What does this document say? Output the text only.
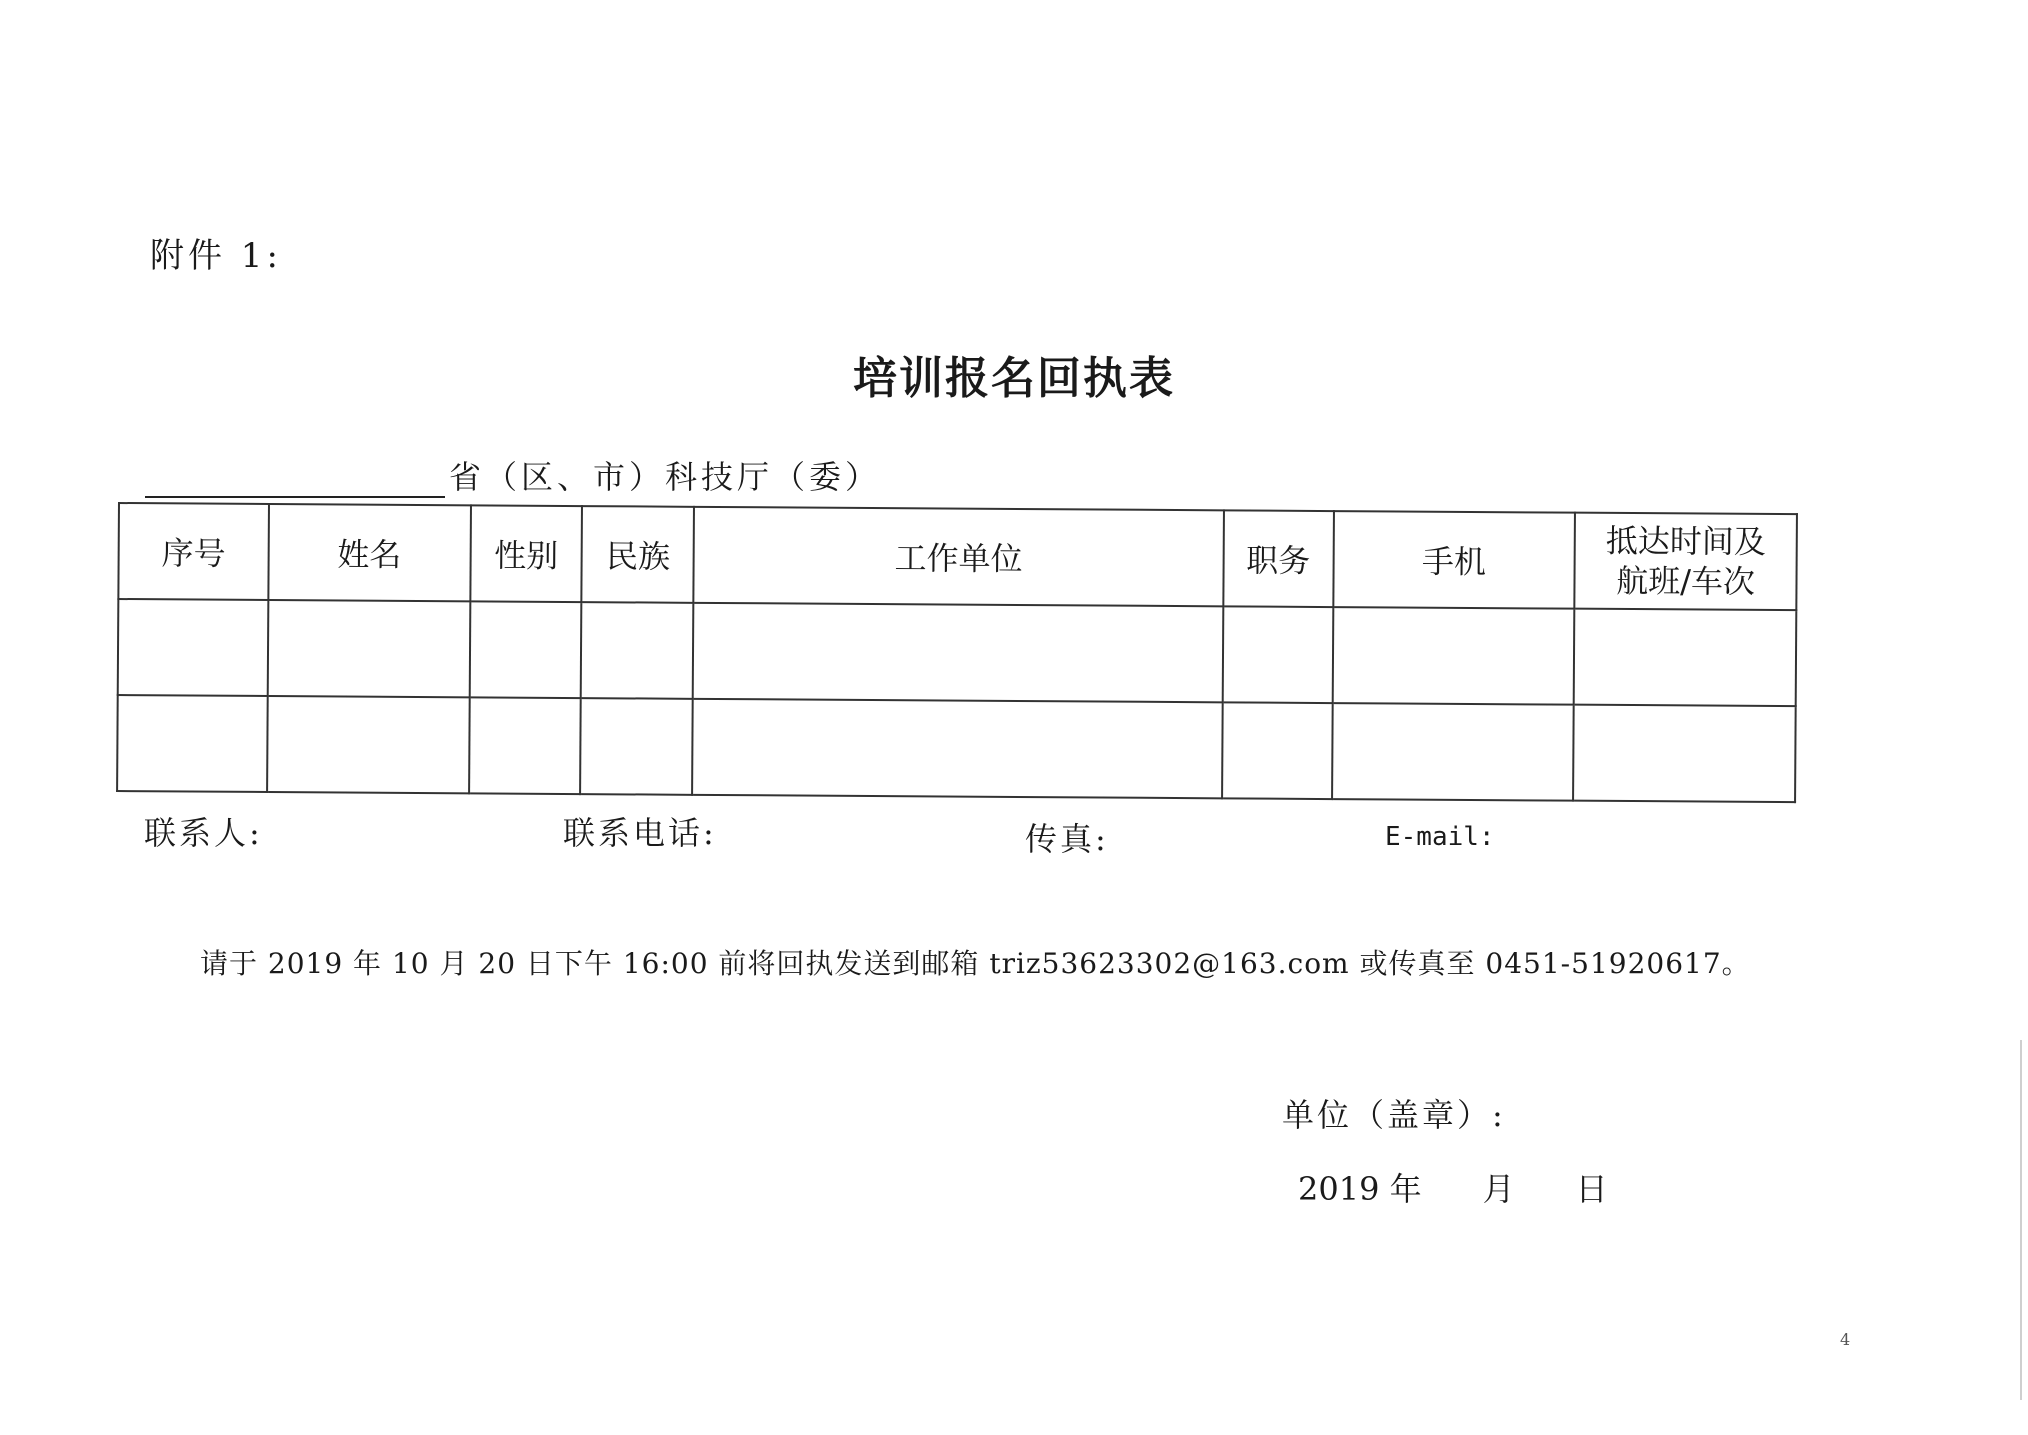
附件 1:
培训报名回执表
省（区、市）科技厅（委）
序号	姓名	性别	民族	工作单位	职务	手机	抵达时间及
航班/车次

联系人:	联系电话:	传真:	E-mail:
请于 2019 年 10 月 20 日下午 16:00 前将回执发送到邮箱 triz53623302@163.com 或传真至 0451-51920617。
单位（盖章）:
2019 年      月      日
4
